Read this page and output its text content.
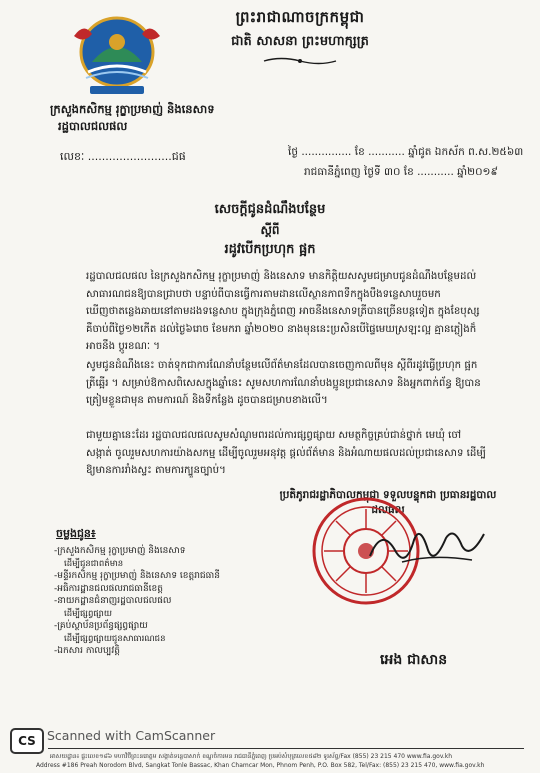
ព្រះរាជាណាចក្រកម្ពុជា
ជាតិ សាសនា ព្រះមហាក្សត្រ
ក្រសួងកសិកម្ម រុក្ខាប្រមាញ់ និងនេសាទ
រដ្ឋបាលជលផល
លេខៈ ........................ជផ	ថ្ងៃ ............... ខែ ........... ឆ្នាំជូត ឯកស័ក ព.ស.២៥៦៣
រាជធានីភ្នំពេញ ថ្ងៃទី ៣០ ខែ ........... ឆ្នាំ២០១៩
សេចក្ដីជូនដំណឹងបន្ថែម
ស្ដីពី
រដូវបើកប្រហុក ផ្អក
រដ្ឋបាលជលផល នៃក្រសួងកសិកម្ម រុក្ខាប្រមាញ់ និងនេសាទ មានកិត្តិយសសូមជម្រាបជូនដំណឹងបន្ថែមដល់សាធារណជនឱ្យបានជ្រាបថា បន្ទាប់ពីបានធ្វើការតាមដានលើស្ថានភាពទឹកក្នុងបឹងទន្លេសាបរួចមក ឃើញថាតន្លេងឆាយនៅតាមដងទន្លេសាប ក្នុងក្រុងភ្នំពេញ អាចនឹងនេសាទត្រីបានច្រើនបន្តទៀត ក្នុងខែបុស្ស គឺចាប់ពីថ្ងៃ១២កើត ដល់ថ្ងៃ៦រោច ខែមករា ឆ្នាំ២០២០ នាងមុននេះប្រសិនបើផ្ទៃមេឃស្រឡះល្អ គ្មានភ្លៀងក៏អាចនឹង ប្ដូរខណៈ ។
សូមជូនដំណឹងនេះ ចាត់ទុកជាការណែនាំបន្ថែមលើព័ត៌មានដែលបានចេញកាលពីមុន ស្ដីពីរដូវធ្វើប្រហុក ផ្អក ត្រីឆ្អើរ ។ សម្រាប់ឱកាសពិសេសក្នុងឆ្នាំនេះ សូមសហការណែនាំបងប្អូនប្រជានេសាទ និងអ្នកពាក់ព័ន្ធ ឱ្យបានត្រៀមខ្លួនជាមុន តាមការណ៍ និងទីកន្លែង ដូចបានជម្រាបខាងលើ។
ជាមួយគ្នានេះដែរ រដ្ឋបាលជលផលសូមសំណូមពរដល់ការផ្សព្វផ្សាយ សមត្ថកិច្ចគ្រប់ជាន់ថ្នាក់ មេឃុំ ចៅសង្កាត់ ចូលរួមសហការយ៉ាងសកម្ម ដើម្បីចូលរួមអនុវត្ត ផ្ដល់ព័ត៌មាន និងអំណាយផលដល់ប្រជានេសាទ ដើម្បីឱ្យមានការរាំងស្ទះ តាមការក្បួនច្បាប់។
ប្រតិភូរាជរដ្ឋាភិបាលកម្ពុជា ទទួលបន្ទុកជា ប្រធានរដ្ឋបាលជលផល
អេង ជាសាន
ចម្លងជូន៖
-ក្រសួងកសិកម្ម រុក្ខាប្រមាញ់ និងនេសាទ
ដើម្បីជូនជាពត៌មាន
-មន្ទីរកសិកម្ម រុក្ខាប្រមាញ់ និងនេសាទ ខេត្តរាជធានី
-អធិការដ្ឋានជលផលរាជធានីខេត្ត
-នាយកដ្ឋានជំនាញរដ្ឋបាលជលផល
ដើម្បីផ្សព្វផ្សាយ
-គ្រប់ស្ថាប័នប្រព័ន្ធផ្សព្វផ្សាយ
ដើម្បីផ្សព្វផ្សាយជូនសាធារណជន
-ឯកសារ កាលប្បវត្តិ
CS Scanned with CamScanner
អាសយដ្ឋាន៖ ផ្ទះលេខ១៨៦ មហាវិថីព្រះនរោត្តម សង្កាត់ទន្លេបាសាក់ ខណ្ឌចំការមន រាជធានីភ្នំពេញ ប្រអប់សំបុត្រលេខ៥៨២ ទូរស័ព្ទ/Fax (855) 23 215 470 www.fia.gov.kh
Address #186 Preah Norodom Blvd, Sangkat Tonle Bassac, Khan Chamcar Mon, Phnom Penh, P.O. Box 582, Tel/Fax: (855) 23 215 470, www.fia.gov.kh
